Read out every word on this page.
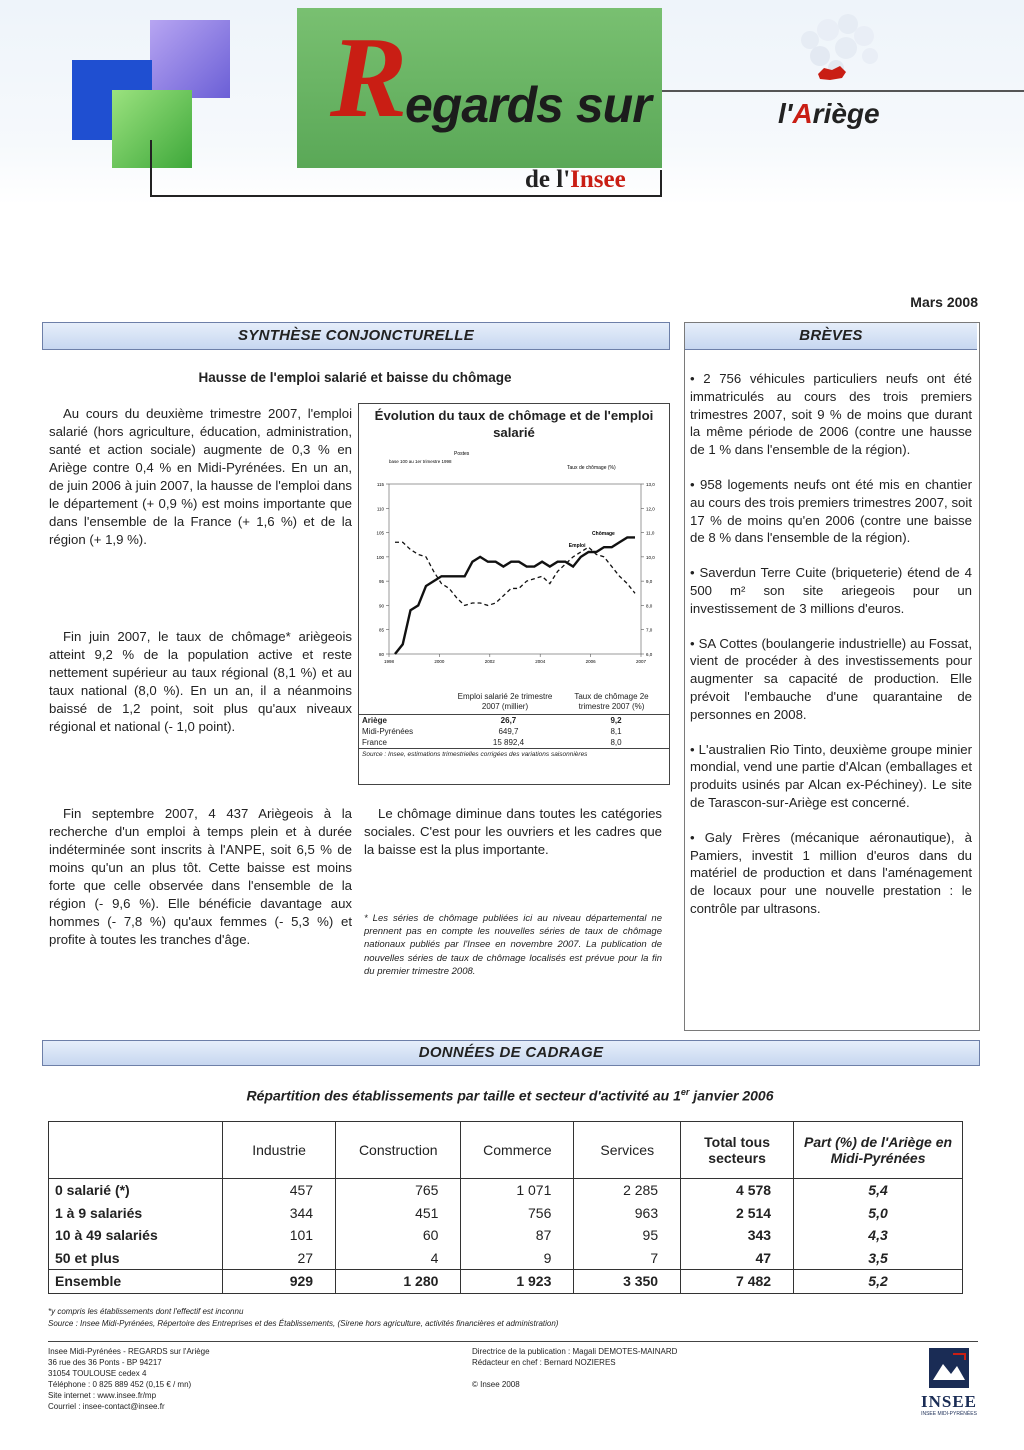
R
egards sur
de l'Insee
l'Ariège
Mars 2008
SYNTHÈSE CONJONCTURELLE
Hausse de l'emploi salarié et baisse du chômage
Au cours du deuxième trimestre 2007, l'emploi salarié (hors agriculture, éducation, administration, santé et action sociale) augmente de 0,3 % en Ariège contre 0,4 % en Midi-Pyrénées. En un an, de juin 2006 à juin 2007, la hausse de l'emploi dans le département (+ 0,9 %) est moins importante que dans l'ensemble de la France (+ 1,6 %) et de la région (+ 1,9 %).
Fin juin 2007, le taux de chômage* ariègeois atteint 9,2 % de la population active et reste nettement supérieur au taux régional (8,1 %) et au taux national (8,0 %). En un an, il a néanmoins baissé de 1,2 point, soit plus qu'aux niveaux régional et national (- 1,0 point).
Fin septembre 2007, 4 437 Ariègeois à la recherche d'un emploi à temps plein et à durée indéterminée sont inscrits à l'ANPE, soit 6,5 % de moins qu'un an plus tôt. Cette baisse est moins forte que celle observée dans l'ensemble de la région (- 9,6 %). Elle bénéficie davantage aux hommes (- 7,8 %) qu'aux femmes (- 5,3 %) et profite à toutes les tranches d'âge.
Le chômage diminue dans toutes les catégories sociales. C'est pour les ouvriers et les cadres que la baisse est la plus importante.
* Les séries de chômage publiées ici au niveau départemental ne prennent pas en compte les nouvelles séries de taux de chômage nationaux publiés par l'Insee en novembre 2007. La publication de nouvelles séries de taux de chômage localisés est prévue pour la fin du premier trimestre 2008.
Évolution du taux de chômage et de l'emploi salarié
Postes
base 100 au 1er trimestre 1998
Taux de chômage (%)
115
110
105
100
95
90
85
80
13,0
12,0
11,0
10,0
9,0
8,0
7,0
6,0
1998	2000	2002	2004	2006	2007
Emploi
Chômage
Emploi salarié 2e trimestre 2007 (millier)
Taux de chômage 2e trimestre 2007 (%)
Ariège	26,7	9,2
Midi-Pyrénées	649,7	8,1
France	15 892,4	8,0
Source : Insee, estimations trimestrielles corrigées des variations saisonnières
BRÈVES
• 2 756 véhicules particuliers neufs ont été immatriculés au cours des trois premiers trimestres 2007, soit 9 % de moins que durant la même période de 2006 (contre une hausse de 1 % dans l'ensemble de la région).
• 958 logements neufs ont été mis en chantier au cours des trois premiers trimestres 2007, soit 17 % de moins qu'en 2006 (contre une baisse de 8 % dans l'ensemble de la région).
• Saverdun Terre Cuite (briqueterie) étend de 4 500 m² son site ariegeois pour un investissement de 3 millions d'euros.
• SA Cottes (boulangerie industrielle) au Fossat, vient de procéder à des investissements pour augmenter sa capacité de production. Elle prévoit l'embauche d'une quarantaine de personnes en 2008.
• L'australien Rio Tinto, deuxième groupe minier mondial, vend une partie d'Alcan (emballages et produits usinés par Alcan ex-Péchiney). Le site de Tarascon-sur-Ariège est concerné.
• Galy Frères (mécanique aéronautique), à Pamiers, investit 1 million d'euros dans du matériel de production et dans l'aménagement de locaux pour une nouvelle prestation : le contrôle par ultrasons.
DONNÉES DE CADRAGE
Répartition des établissements par taille et secteur d'activité au 1er janvier 2006
	Industrie	Construction	Commerce	Services	Total tous secteurs	Part (%) de l'Ariège en Midi-Pyrénées
0 salarié (*)	457	765	1 071	2 285	4 578	5,4
1 à 9 salariés	344	451	756	963	2 514	5,0
10 à 49 salariés	101	60	87	95	343	4,3
50 et plus	27	4	9	7	47	3,5
Ensemble	929	1 280	1 923	3 350	7 482	5,2
*y compris les établissements dont l'effectif est inconnu
Source : Insee Midi-Pyrénées, Répertoire des Entreprises et des Établissements, (Sirene hors agriculture, activités financières et administration)
Insee Midi-Pyrénées - REGARDS sur l'Ariège
36 rue des 36 Ponts - BP 94217
31054 TOULOUSE cedex 4
Téléphone : 0 825 889 452 (0,15 € / mn)
Site internet : www.insee.fr/mp
Courriel : insee-contact@insee.fr
Directrice de la publication : Magali DEMOTES-MAINARD
Rédacteur en chef : Bernard NOZIERES
© Insee 2008
INSEE
INSEE MIDI-PYRÉNÉES
